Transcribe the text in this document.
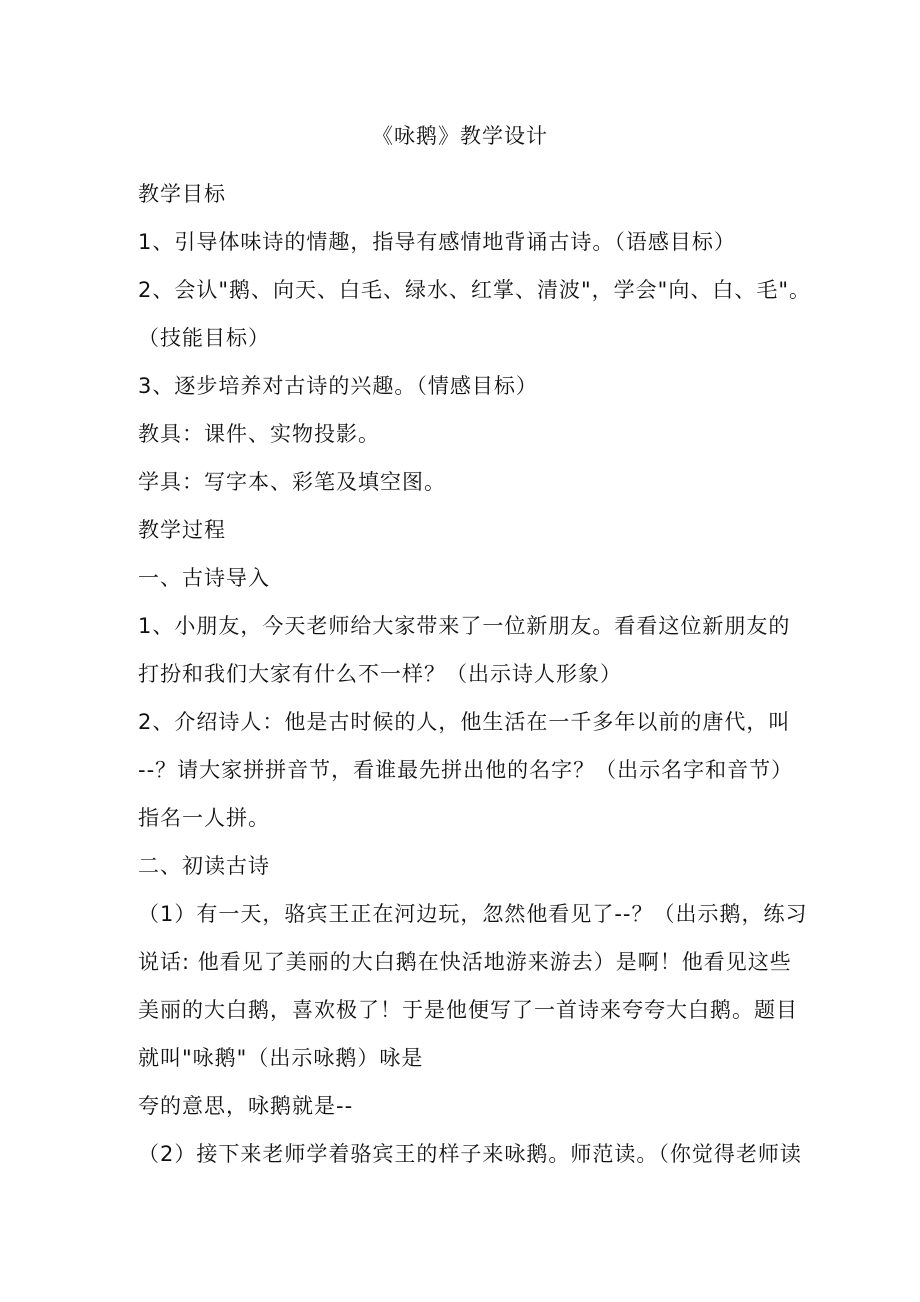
《咏鹅》教学设计
教学目标
1、引导体味诗的情趣，指导有感情地背诵古诗。（语感目标）
2、会认"鹅、向天、白毛、绿水、红掌、清波"，学会"向、白、毛"。
（技能目标）
3、逐步培养对古诗的兴趣。（情感目标）
教具：课件、实物投影。
学具：写字本、彩笔及填空图。
教学过程
一、古诗导入
1、小朋友，今天老师给大家带来了一位新朋友。看看这位新朋友的
打扮和我们大家有什么不一样？（出示诗人形象）
2、介绍诗人：他是古时候的人，他生活在一千多年以前的唐代，叫
--？请大家拼拼音节，看谁最先拼出他的名字？（出示名字和音节）
指名一人拼。
二、初读古诗
（1）有一天，骆宾王正在河边玩，忽然他看见了--？（出示鹅，练习
说话: 他看见了美丽的大白鹅在快活地游来游去）是啊！他看见这些
美丽的大白鹅，喜欢极了！于是他便写了一首诗来夸夸大白鹅。题目
就叫"咏鹅"（出示咏鹅）咏是
夸的意思，咏鹅就是--
（2）接下来老师学着骆宾王的样子来咏鹅。师范读。（你觉得老师读
